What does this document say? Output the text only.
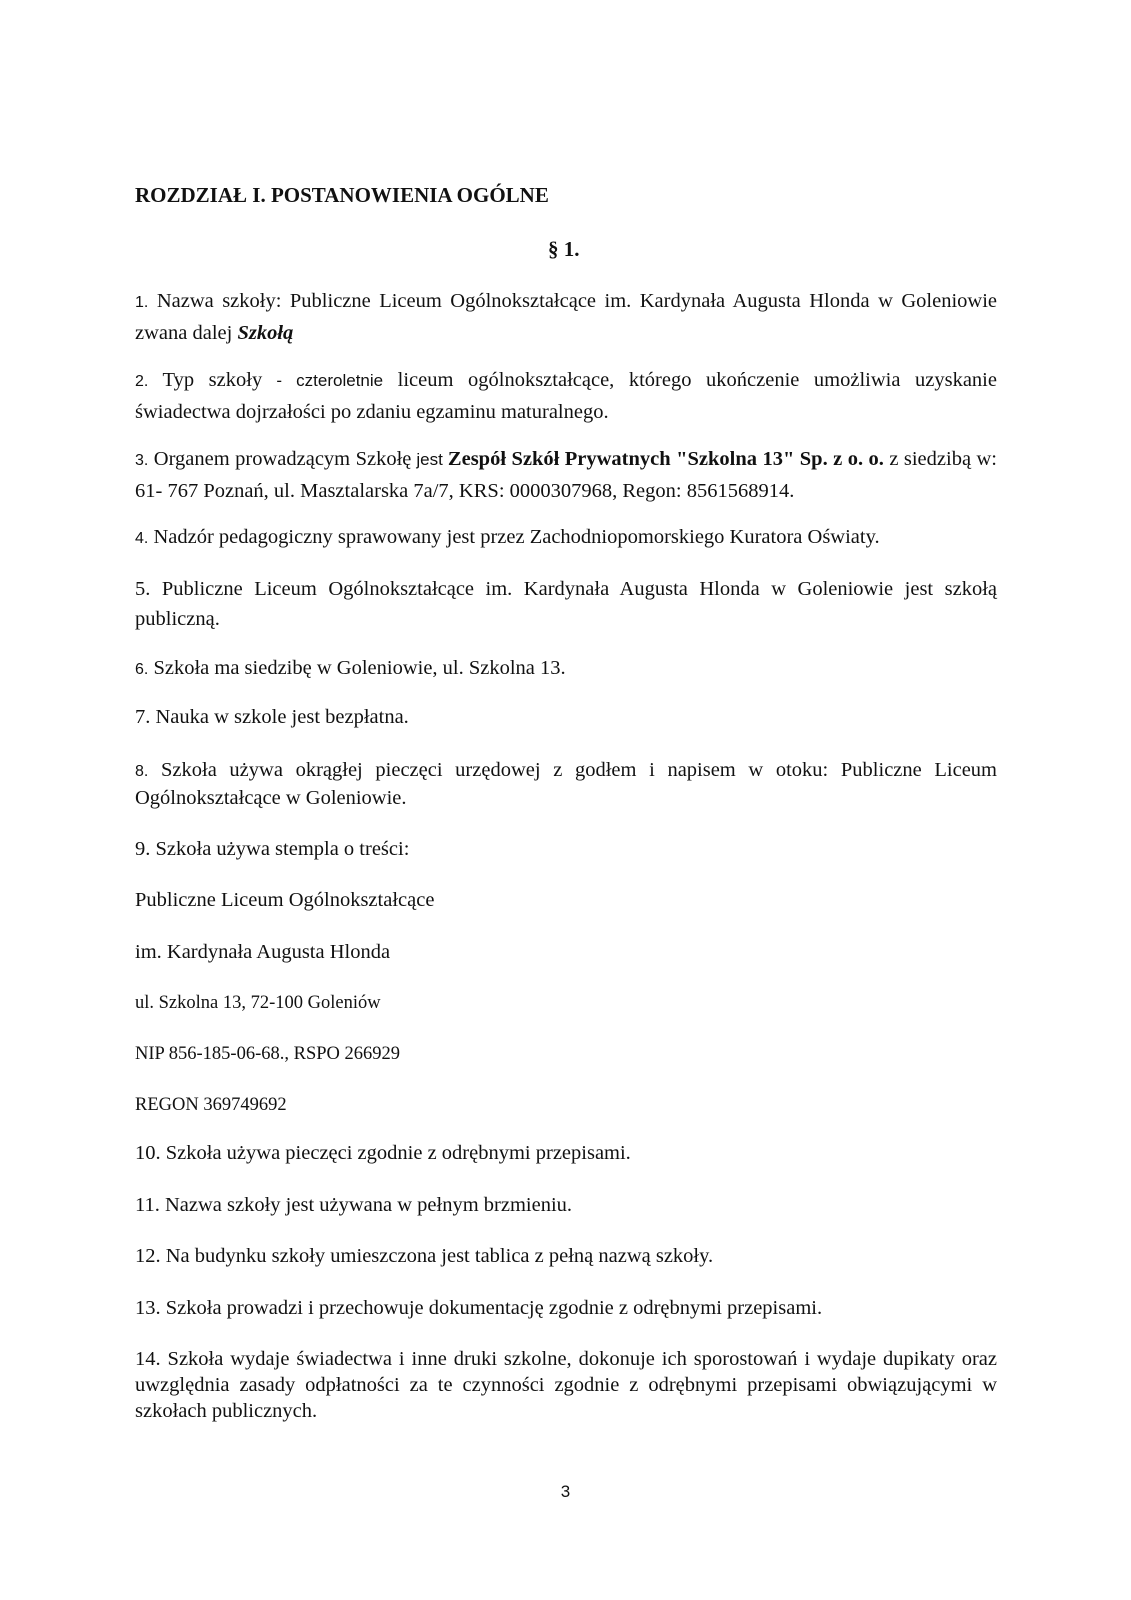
ROZDZIAŁ I. POSTANOWIENIA OGÓLNE

§ 1.

1. Nazwa szkoły: Publiczne Liceum Ogólnokształcące im. Kardynała Augusta Hlonda w Goleniowie zwana dalej Szkołą

2. Typ szkoły - czteroletnie liceum ogólnokształcące, którego ukończenie umożliwia uzyskanie świadectwa dojrzałości po zdaniu egzaminu maturalnego.

3. Organem prowadzącym Szkołę jest Zespół Szkół Prywatnych "Szkolna 13" Sp. z o. o. z siedzibą w: 61- 767 Poznań, ul. Masztalarska 7a/7, KRS: 0000307968, Regon: 8561568914.

4. Nadzór pedagogiczny sprawowany jest przez Zachodniopomorskiego Kuratora Oświaty.

5. Publiczne Liceum Ogólnokształcące im. Kardynała Augusta Hlonda w Goleniowie jest szkołą publiczną.

6. Szkoła ma siedzibę w Goleniowie, ul. Szkolna 13.

7. Nauka w szkole jest bezpłatna.

8. Szkoła używa okrągłej pieczęci urzędowej z godłem i napisem w otoku: Publiczne Liceum Ogólnokształcące w Goleniowie.

9. Szkoła używa stempla o treści:

Publiczne Liceum Ogólnokształcące

im. Kardynała Augusta Hlonda

ul. Szkolna 13, 72-100 Goleniów

NIP 856-185-06-68., RSPO 266929

REGON 369749692

10. Szkoła używa pieczęci zgodnie z odrębnymi przepisami.

11. Nazwa szkoły jest używana w pełnym brzmieniu.

12. Na budynku szkoły umieszczona jest tablica z pełną nazwą szkoły.

13. Szkoła prowadzi i przechowuje dokumentację zgodnie z odrębnymi przepisami.

14. Szkoła wydaje świadectwa i inne druki szkolne, dokonuje ich sporostowań i wydaje dupikaty oraz uwzględnia zasady odpłatności za te czynności zgodnie z odrębnymi przepisami obwiązującymi w szkołach publicznych.

3
